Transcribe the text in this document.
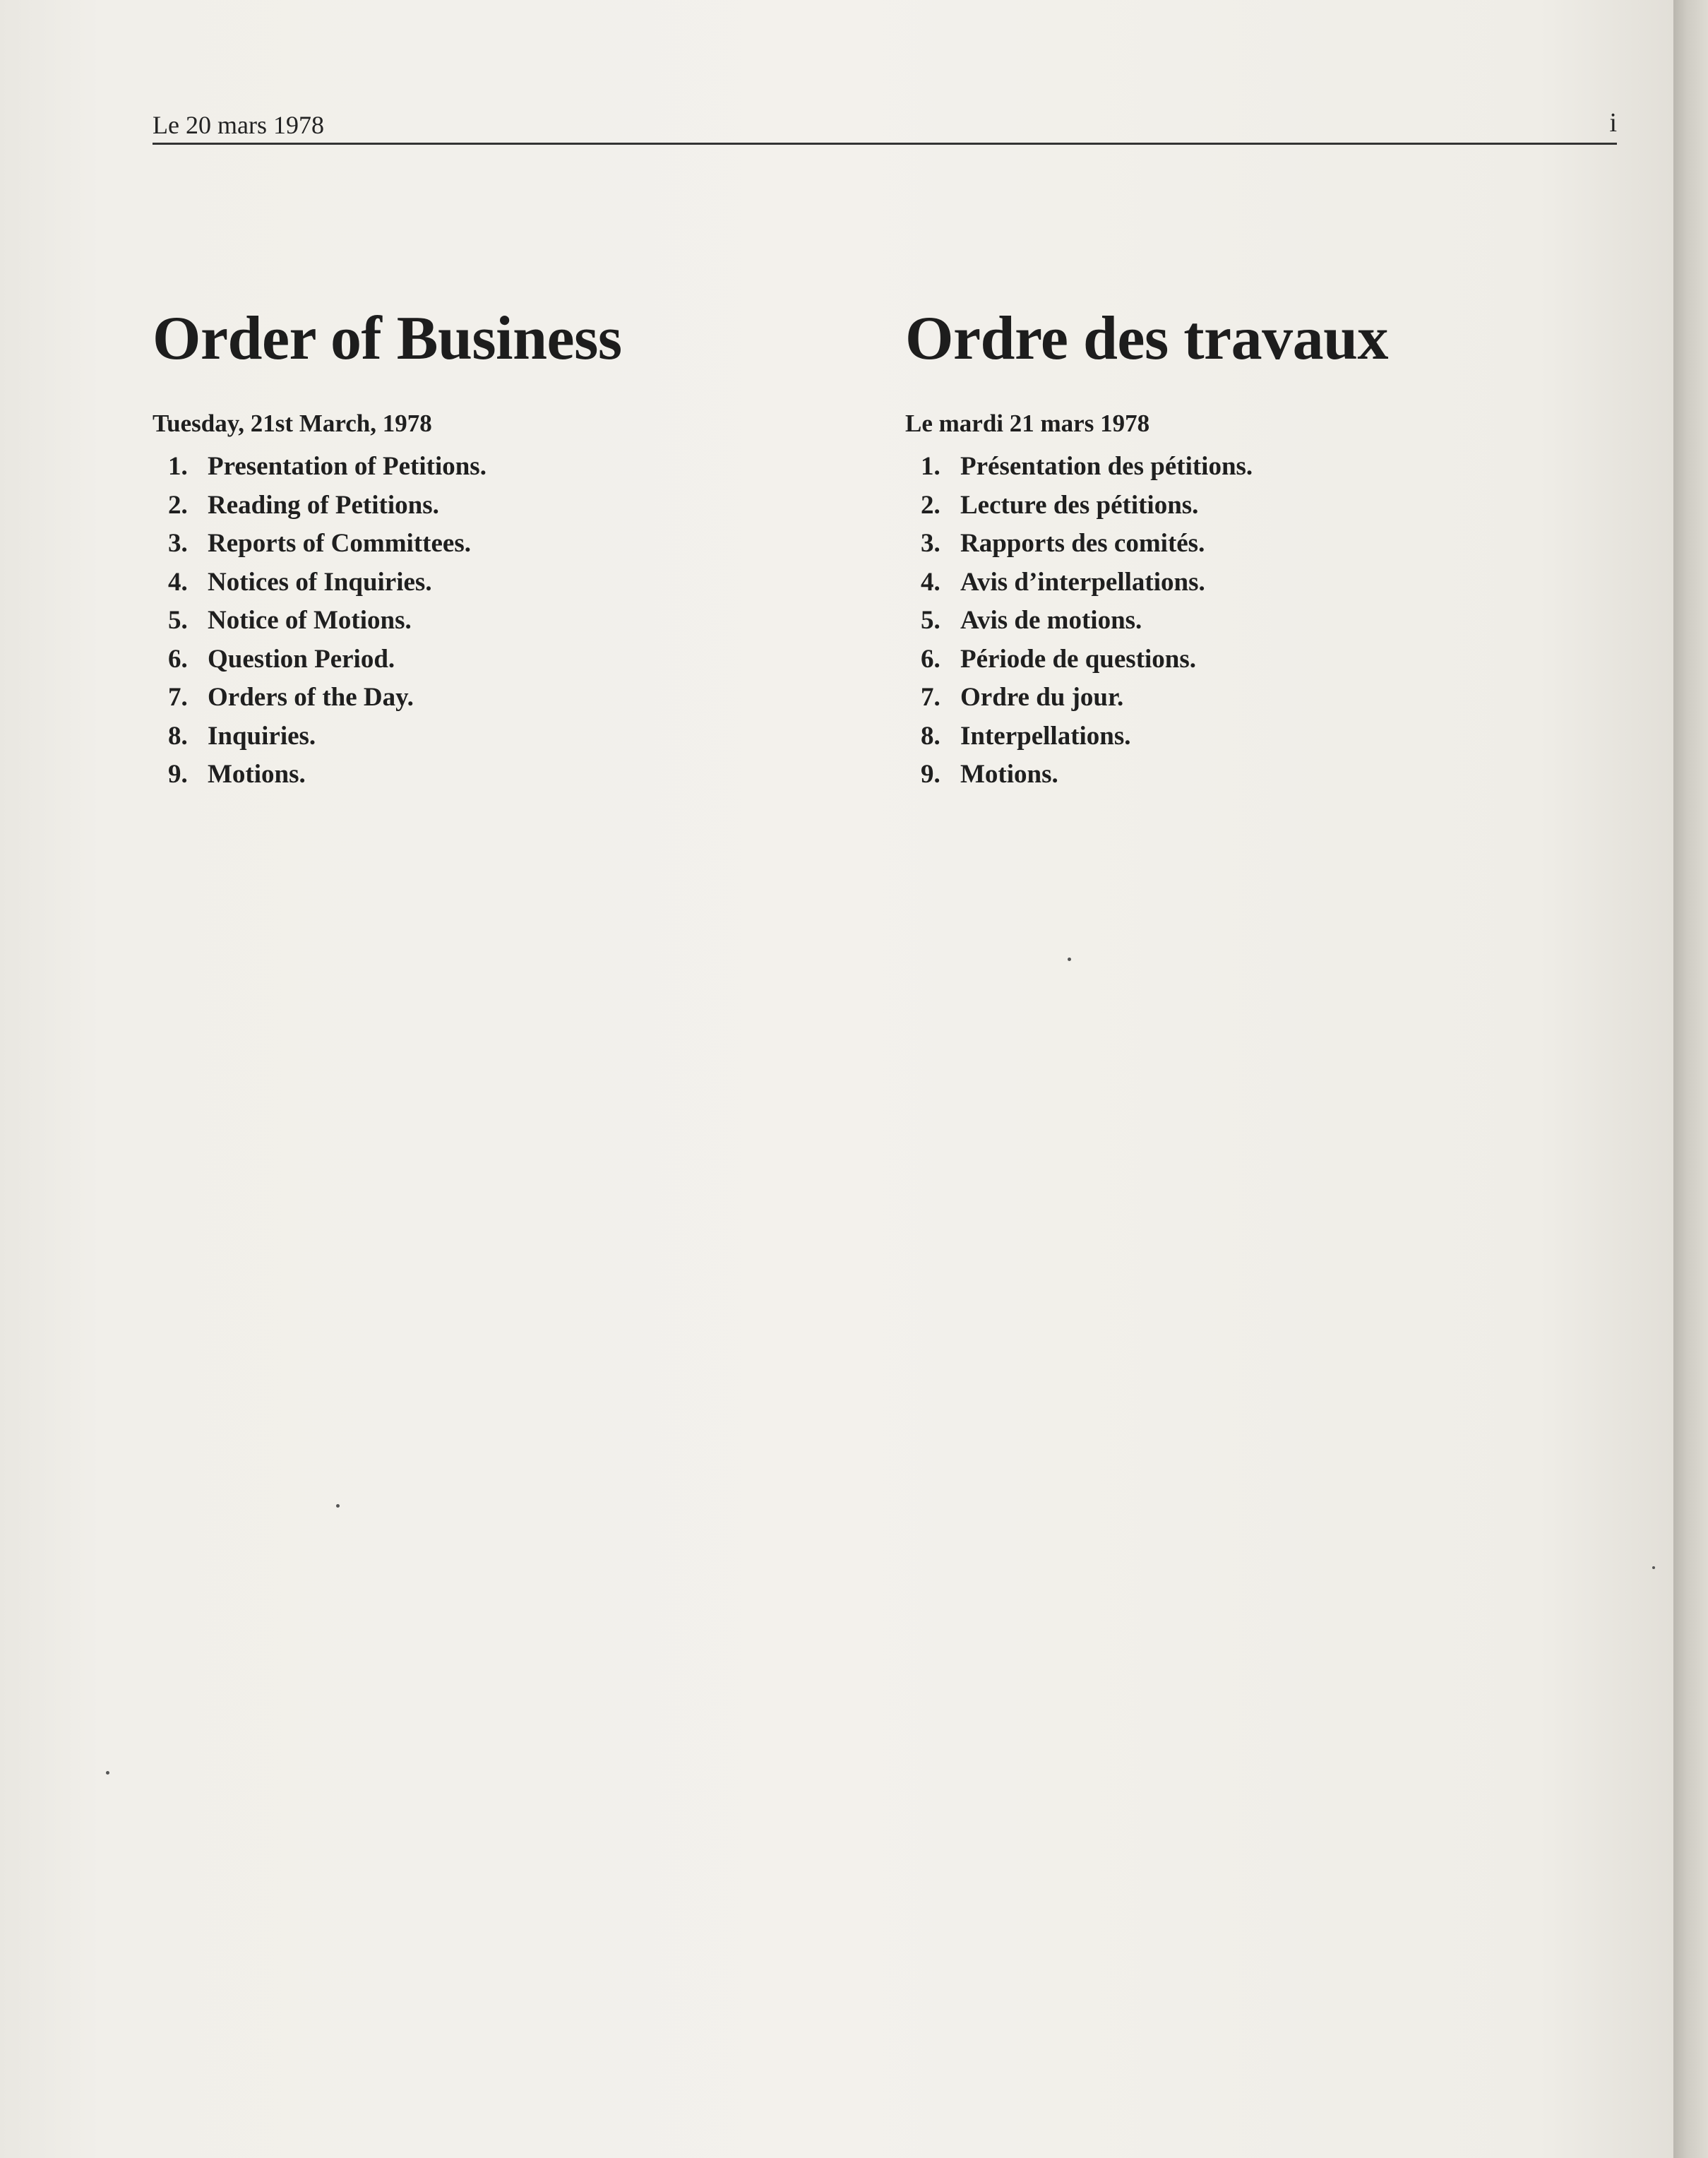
Le 20 mars 1978	i
Order of Business

Tuesday, 21st March, 1978

1. Presentation of Petitions.
2. Reading of Petitions.
3. Reports of Committees.
4. Notices of Inquiries.
5. Notice of Motions.
6. Question Period.
7. Orders of the Day.
8. Inquiries.
9. Motions.
Ordre des travaux

Le mardi 21 mars 1978

1. Présentation des pétitions.
2. Lecture des pétitions.
3. Rapports des comités.
4. Avis d’interpellations.
5. Avis de motions.
6. Période de questions.
7. Ordre du jour.
8. Interpellations.
9. Motions.
